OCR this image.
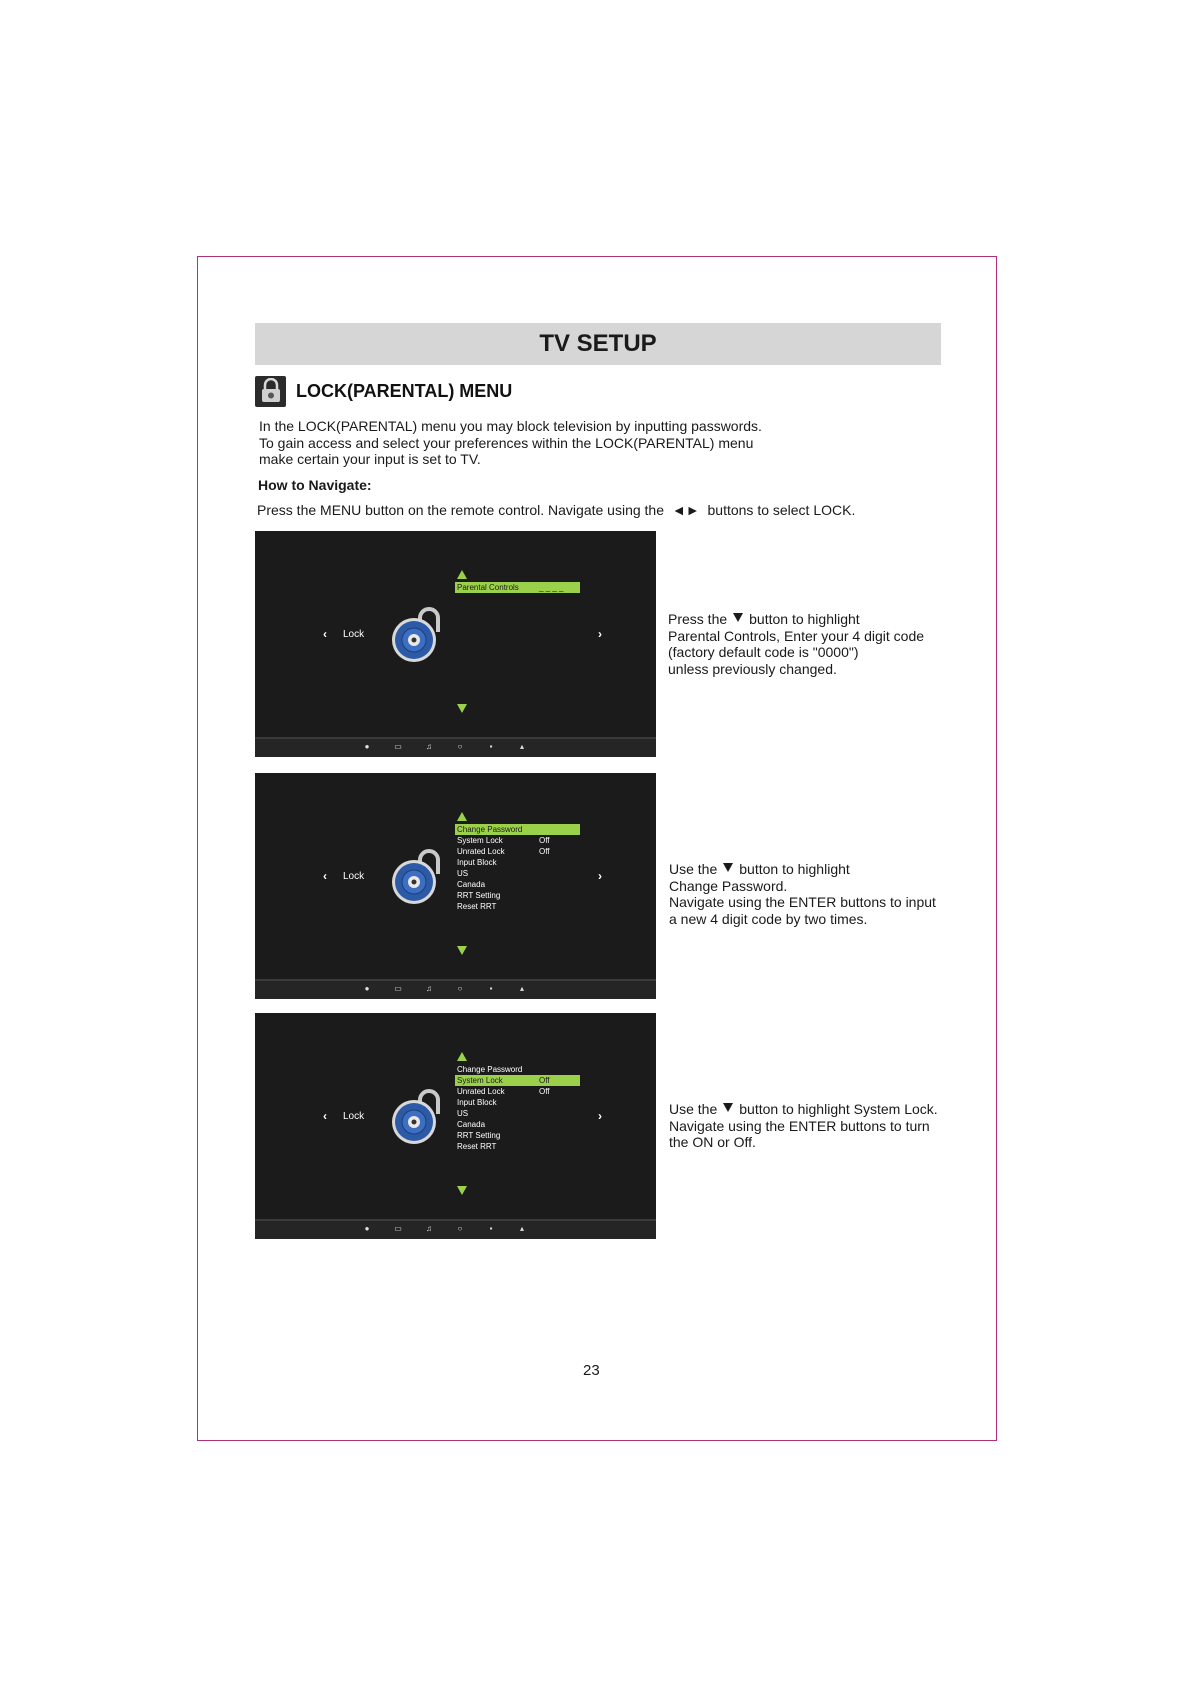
TV SETUP
LOCK(PARENTAL) MENU
In the LOCK(PARENTAL) menu you may block television by inputting passwords.
To gain access and select your preferences within the LOCK(PARENTAL) menu
make certain your input is set to TV.
How to Navigate:
Press the MENU button on the remote control. Navigate using the ◄► buttons to select LOCK.
‹ Lock
Parental Controls	_ _ _ _
›
●	▭	♫	○	▪	▴
‹ Lock
Change Password
System Lock	Off
Unrated Lock	Off
Input Block
US
Canada
RRT Setting
Reset RRT
›
●	▭	♫	○	▪	▴
‹ Lock
Change Password
System Lock	Off
Unrated Lock	Off
Input Block
US
Canada
RRT Setting
Reset RRT
›
●	▭	♫	○	▪	▴
23
Press the button to highlight
Parental Controls, Enter your 4 digit code
(factory default code is "0000")
unless previously changed.
Use the button to highlight
Change Password.
Navigate using the ENTER buttons to input
a new 4 digit code by two times.
Use the button to highlight System Lock.
Navigate using the ENTER buttons to turn
the ON or Off.
